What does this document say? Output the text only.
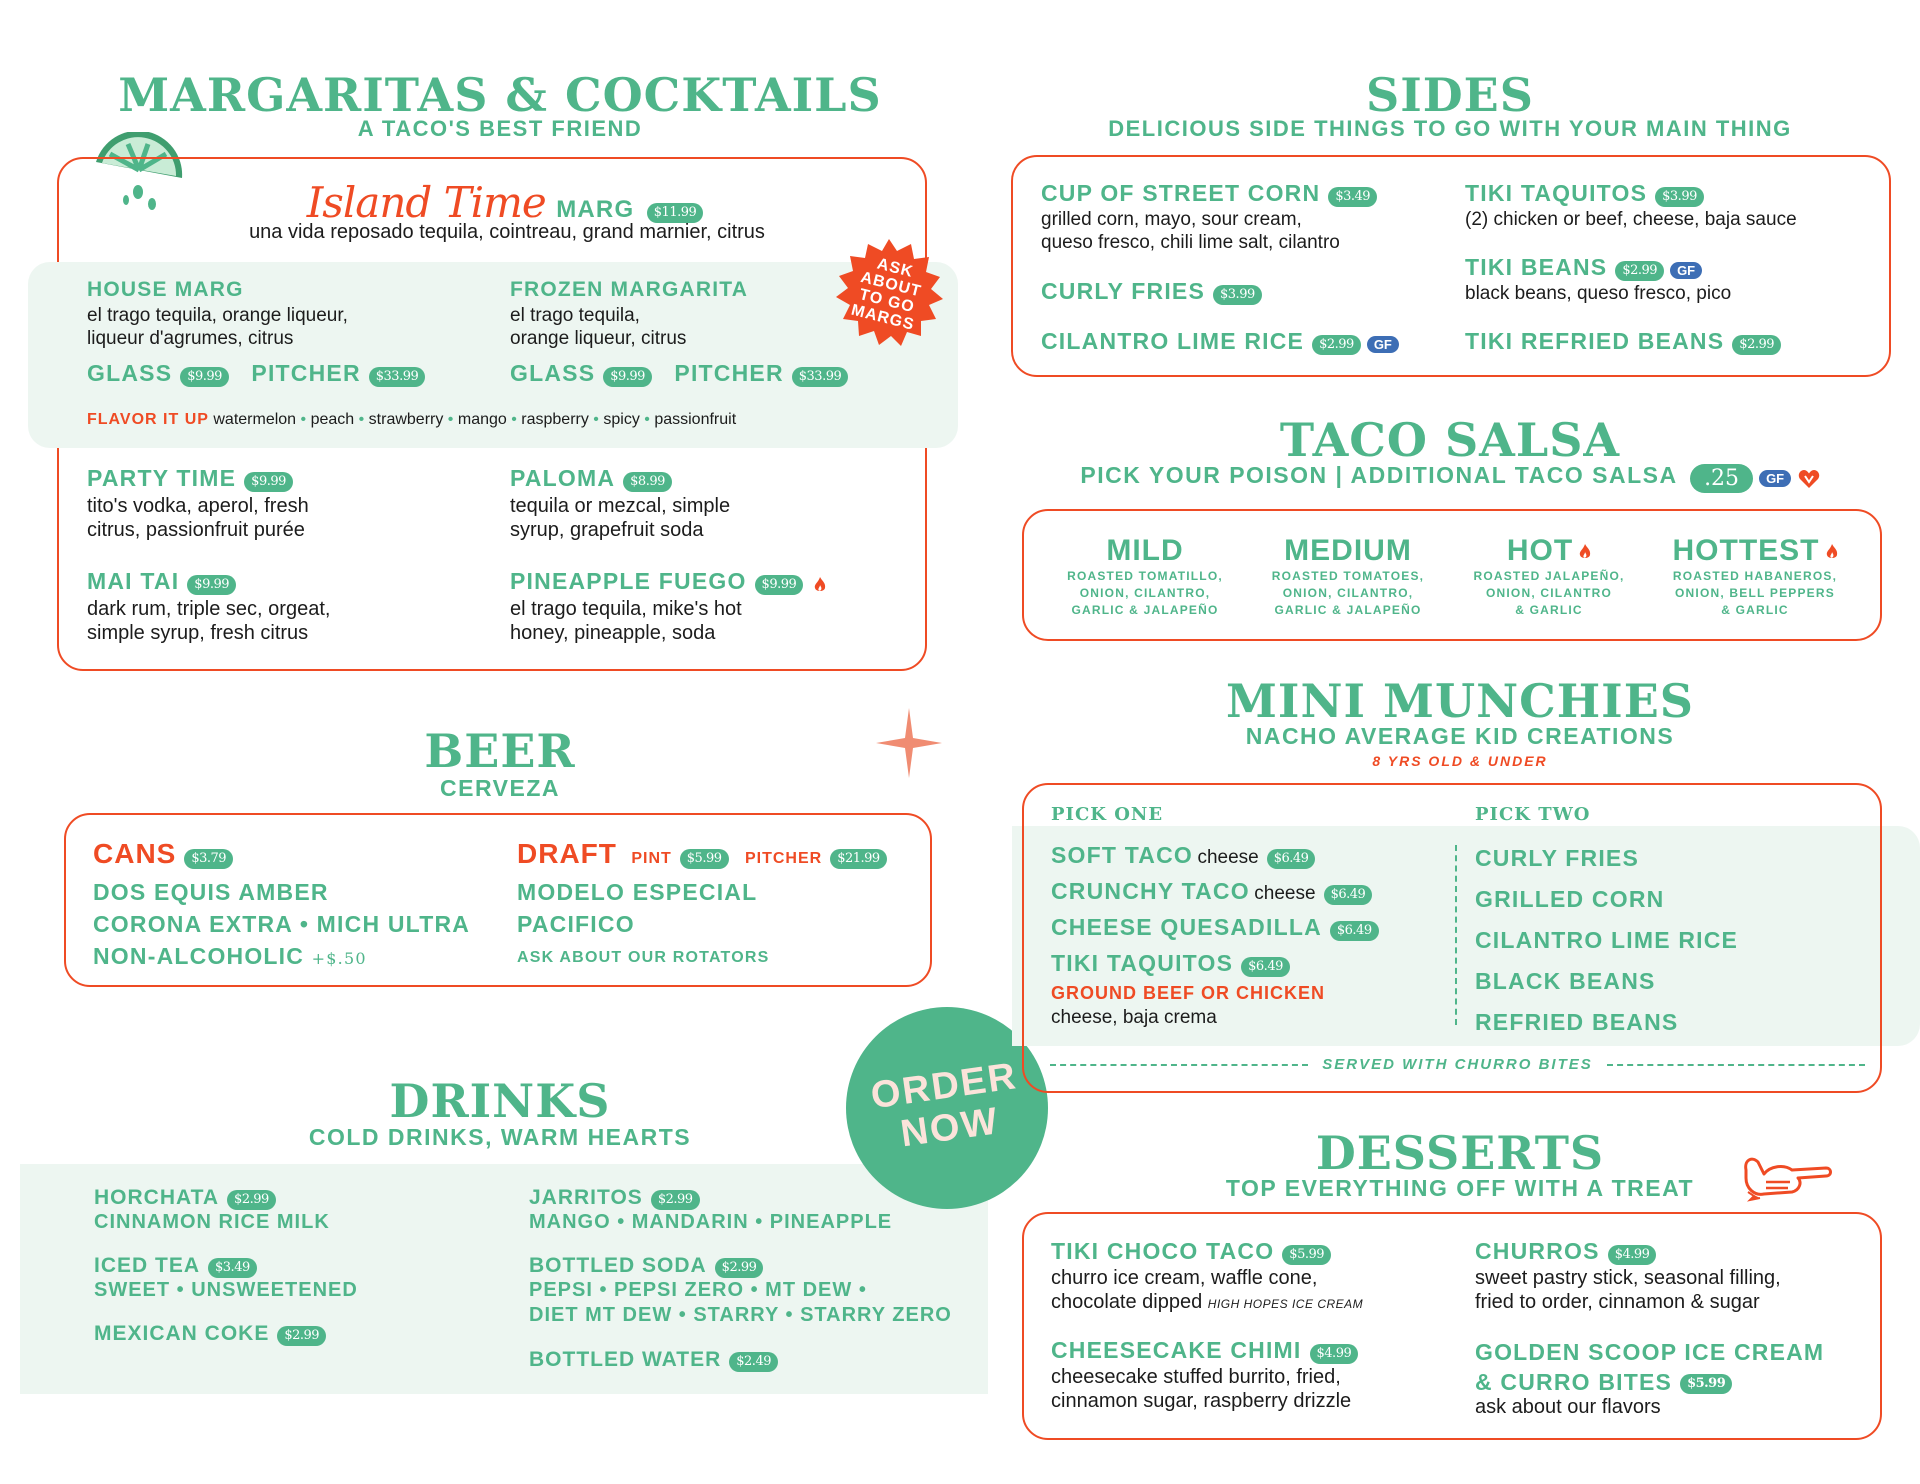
MARGARITAS & COCKTAILS
A TACO'S BEST FRIEND
Island Time MARG $11.99
una vida reposado tequila, cointreau, grand marnier, citrus
ASK ABOUT TO GO MARGS
HOUSE MARG
el trago tequila, orange liqueur,
liqueur d'agrumes, citrus
GLASS $9.99 PITCHER $33.99
FROZEN MARGARITA
el trago tequila,
orange liqueur, citrus
GLASS $9.99 PITCHER $33.99
FLAVOR IT UP watermelon • peach • strawberry • mango • raspberry • spicy • passionfruit
PARTY TIME $9.99
tito's vodka, aperol, fresh
citrus, passionfruit purée
PALOMA $8.99
tequila or mezcal, simple
syrup, grapefruit soda
MAI TAI $9.99
dark rum, triple sec, orgeat,
simple syrup, fresh citrus
PINEAPPLE FUEGO $9.99
el trago tequila, mike's hot
honey, pineapple, soda
BEER
CERVEZA
CANS $3.79
DOS EQUIS AMBER
CORONA EXTRA • MICH ULTRA
NON-ALCOHOLIC +$.50
DRAFT PINT $5.99 PITCHER $21.99
MODELO ESPECIAL
PACIFICO
ASK ABOUT OUR ROTATORS
DRINKS
COLD DRINKS, WARM HEARTS
HORCHATA $2.99
CINNAMON RICE MILK
ICED TEA $3.49
SWEET • UNSWEETENED
MEXICAN COKE $2.99
JARRITOS $2.99
MANGO • MANDARIN • PINEAPPLE
BOTTLED SODA $2.99
PEPSI • PEPSI ZERO • MT DEW •
DIET MT DEW • STARRY • STARRY ZERO
BOTTLED WATER $2.49
ORDER NOW
SIDES
DELICIOUS SIDE THINGS TO GO WITH YOUR MAIN THING
CUP OF STREET CORN $3.49
grilled corn, mayo, sour cream,
queso fresco, chili lime salt, cilantro
CURLY FRIES $3.99
CILANTRO LIME RICE $2.99 GF
TIKI TAQUITOS $3.99
(2) chicken or beef, cheese, baja sauce
TIKI BEANS $2.99 GF
black beans, queso fresco, pico
TIKI REFRIED BEANS $2.99
TACO SALSA
PICK YOUR POISON | ADDITIONAL TACO SALSA .25 GF
MILD
ROASTED TOMATILLO,
ONION, CILANTRO,
GARLIC & JALAPEÑO
MEDIUM
ROASTED TOMATOES,
ONION, CILANTRO,
GARLIC & JALAPEÑO
HOT
ROASTED JALAPEÑO,
ONION, CILANTRO
& GARLIC
HOTTEST
ROASTED HABANEROS,
ONION, BELL PEPPERS
& GARLIC
MINI MUNCHIES
NACHO AVERAGE KID CREATIONS
8 YRS OLD & UNDER
PICK ONE	PICK TWO
SOFT TACO cheese $6.49
CRUNCHY TACO cheese $6.49
CHEESE QUESADILLA $6.49
TIKI TAQUITOS $6.49
GROUND BEEF OR CHICKEN
cheese, baja crema
CURLY FRIES
GRILLED CORN
CILANTRO LIME RICE
BLACK BEANS
REFRIED BEANS
SERVED WITH CHURRO BITES
DESSERTS
TOP EVERYTHING OFF WITH A TREAT
TIKI CHOCO TACO $5.99
churro ice cream, waffle cone,
chocolate dipped HIGH HOPES ICE CREAM
CHEESECAKE CHIMI $4.99
cheesecake stuffed burrito, fried,
cinnamon sugar, raspberry drizzle
CHURROS $4.99
sweet pastry stick, seasonal filling,
fried to order, cinnamon & sugar
GOLDEN SCOOP ICE CREAM
& CURRO BITES $5.99
ask about our flavors
